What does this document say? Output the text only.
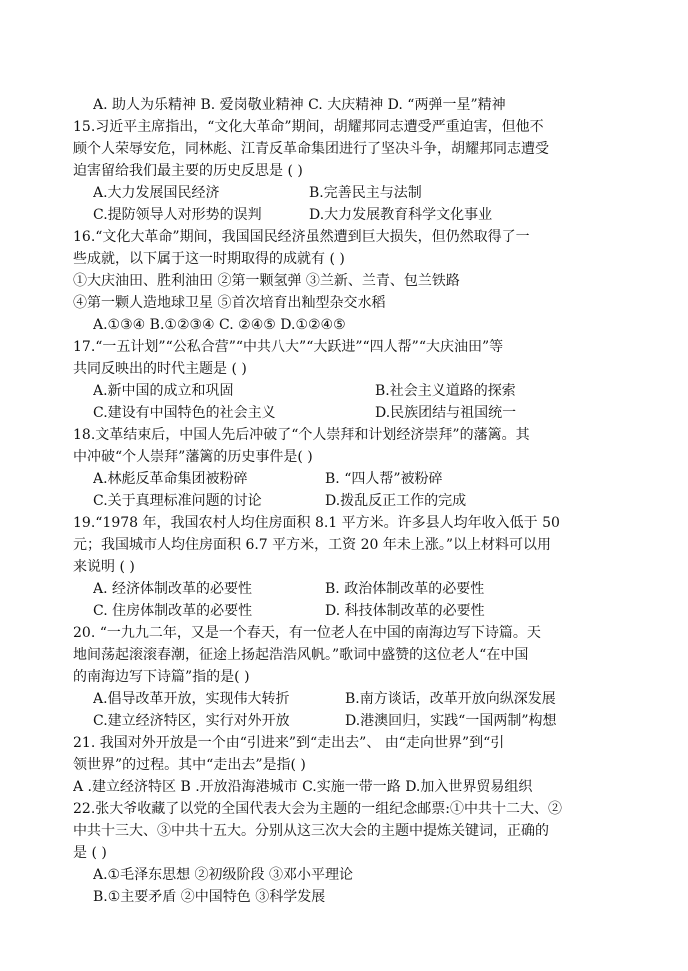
A. 助人为乐精神 B. 爱岗敬业精神 C. 大庆精神 D. “两弹一星”精神
15.习近平主席指出，“文化大革命”期间，胡耀邦同志遭受严重迫害，但他不
顾个人荣辱安危，同林彪、江青反革命集团进行了坚决斗争，胡耀邦同志遭受
迫害留给我们最主要的历史反思是 ( )
A.大力发展国民经济	B.完善民主与法制
C.提防领导人对形势的误判	D.大力发展教育科学文化事业
16.“文化大革命”期间，我国国民经济虽然遭到巨大损失，但仍然取得了一
些成就，以下属于这一时期取得的成就有 ( )
①大庆油田、胜利油田 ②第一颗氢弹 ③兰新、兰青、包兰铁路
④第一颗人造地球卫星 ⑤首次培育出籼型杂交水稻
A.①③④ B.①②③④ C. ②④⑤ D.①②④⑤
17.“一五计划”“公私合营”“中共八大”“大跃进”“四人帮”“大庆油田”等
共同反映出的时代主题是 ( )
A.新中国的成立和巩固	B.社会主义道路的探索
C.建设有中国特色的社会主义	D.民族团结与祖国统一
18.文革结束后，中国人先后冲破了“个人崇拜和计划经济崇拜”的藩篱。其
中冲破“个人崇拜”藩篱的历史事件是( )
A.林彪反革命集团被粉碎	B. “四人帮”被粉碎
C.关于真理标准问题的讨论	D.拨乱反正工作的完成
19.“1978 年，我国农村人均住房面积 8.1 平方米。许多县人均年收入低于 50
元；我国城市人均住房面积 6.7 平方米，工资 20 年未上涨。”以上材料可以用
来说明 ( )
A. 经济体制改革的必要性	B. 政治体制改革的必要性
C. 住房体制改革的必要性	D. 科技体制改革的必要性
20. “一九九二年，又是一个春天，有一位老人在中国的南海边写下诗篇。天
地间荡起滚滚春潮，征途上扬起浩浩风帆。”歌词中盛赞的这位老人“在中国
的南海边写下诗篇”指的是( )
A.倡导改革开放，实现伟大转折	B.南方谈话，改革开放向纵深发展
C.建立经济特区，实行对外开放	D.港澳回归，实践“一国两制”构想
21. 我国对外开放是一个由“引进来”到“走出去”、 由“走向世界”到“引
领世界”的过程。其中“走出去”是指( )
A .建立经济特区 B .开放沿海港城市 C.实施一带一路 D.加入世界贸易组织
22.张大爷收藏了以党的全国代表大会为主题的一组纪念邮票:①中共十二大、②
中共十三大、③中共十五大。分别从这三次大会的主题中提炼关键词，正确的
是 ( )
A.①毛泽东思想 ②初级阶段 ③邓小平理论
B.①主要矛盾 ②中国特色 ③科学发展
